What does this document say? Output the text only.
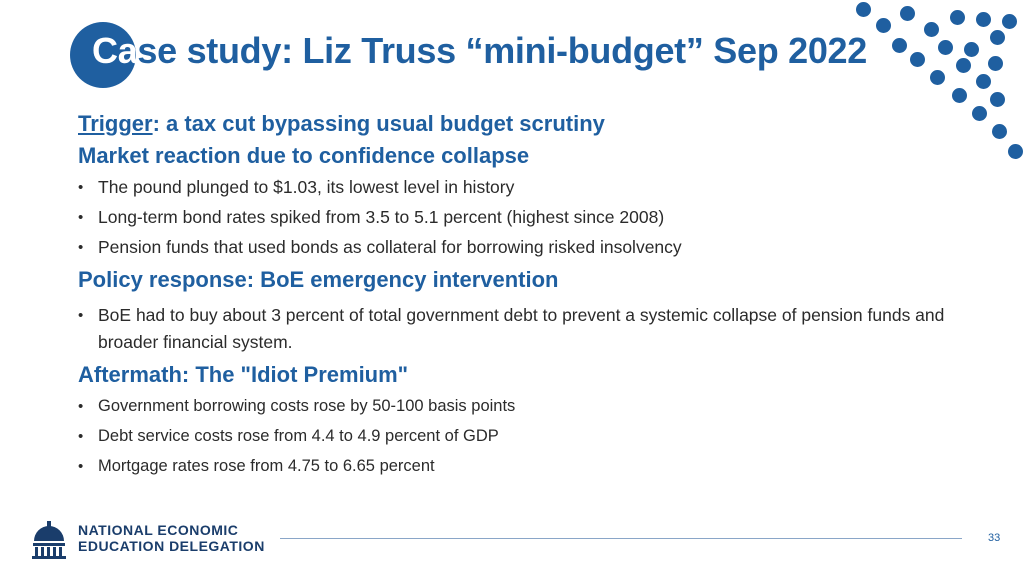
Case study: Liz Truss “mini-budget” Sep 2022

Trigger: a tax cut bypassing usual budget scrutiny

Market reaction due to confidence collapse

• The pound plunged to $1.03, its lowest level in history
• Long-term bond rates spiked from 3.5 to 5.1 percent (highest since 2008)
• Pension funds that used bonds as collateral for borrowing risked insolvency

Policy response: BoE emergency intervention

• BoE had to buy about 3 percent of total government debt to prevent a systemic collapse of pension funds and broader financial system.

Aftermath: The "Idiot Premium"

• Government borrowing costs rose by 50-100 basis points
• Debt service costs rose from 4.4 to 4.9 percent of GDP
• Mortgage rates rose from 4.75 to 6.65 percent
NATIONAL ECONOMIC
EDUCATION DELEGATION	33
